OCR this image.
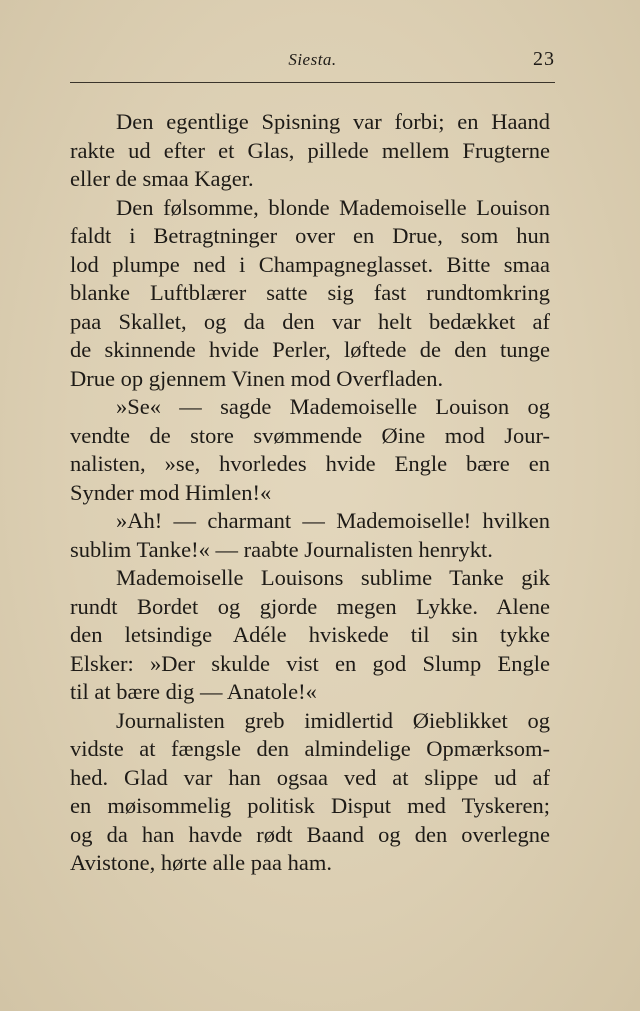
Siesta.	23
Den egentlige Spisning var forbi; en Haand
rakte ud efter et Glas, pillede mellem Frugterne
eller de smaa Kager.
Den følsomme, blonde Mademoiselle Louison
faldt i Betragtninger over en Drue, som hun
lod plumpe ned i Champagneglasset. Bitte smaa
blanke Luftblærer satte sig fast rundtomkring
paa Skallet, og da den var helt bedækket af
de skinnende hvide Perler, løftede de den tunge
Drue op gjennem Vinen mod Overfladen.
»Se« — sagde Mademoiselle Louison og
vendte de store svømmende Øine mod Jour-
nalisten, »se, hvorledes hvide Engle bære en
Synder mod Himlen!«
»Ah! — charmant — Mademoiselle! hvilken
sublim Tanke!« — raabte Journalisten henrykt.
Mademoiselle Louisons sublime Tanke gik
rundt Bordet og gjorde megen Lykke. Alene
den letsindige Adéle hviskede til sin tykke
Elsker: »Der skulde vist en god Slump Engle
til at bære dig — Anatole!«
Journalisten greb imidlertid Øieblikket og
vidste at fængsle den almindelige Opmærksom-
hed. Glad var han ogsaa ved at slippe ud af
en møisommelig politisk Disput med Tyskeren;
og da han havde rødt Baand og den overlegne
Avistone, hørte alle paa ham.
